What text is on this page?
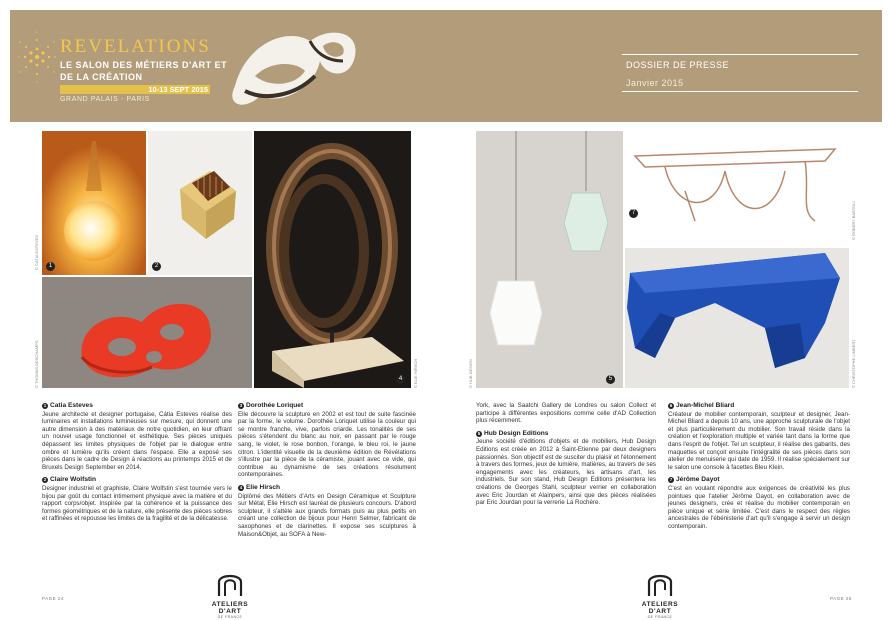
REVELATIONS
LE SALON DES MÉTIERS D'ART ET
DE LA CRÉATION
10-13 SEPT 2015
GRAND PALAIS - PARIS
DOSSIER DE PRESSE
Janvier 2015
1	2
4	5
7
© CATIA ESTEVES
© THOMAS DESCHAMPS	© ELIE HIRSCH	© HUB DESIGN	© CHRISTOPHE LIMBERT
© ROBERT BARTOLI
1 Catia Esteves

Jeune architecte et designer portugaise, Cátia Esteves réalise des luminaires et installations lumineuses sur mesure, qui donnent une autre dimension à des matériaux de notre quotidien, en leur offrant un nouvel usage fonctionnel et esthétique. Ses pièces uniques dépassent les limites physiques de l'objet par le dialogue entre ombre et lumière qu'ils créent dans l'espace. Elle a exposé ses pièces dans le cadre de Design à réactions au printemps 2015 et de Bruxels Design September en 2014.

2 Claire Wolfstin

Designer industriel et graphiste, Claire Wolfstin s'est tournée vers le bijou par goût du contact intimement physique avec la matière et du rapport corps/objet. Inspirée par la cohérence et la puissance des formes géométriques et de la nature, elle présente des pièces sobres et raffinées et repousse les limites de la fragilité et de la délicatesse.

3 Dorothée Loriquet

Elle découvre la sculpture en 2002 et est tout de suite fascinée par la forme, le volume. Dorothée Loriquet utilise la couleur qui se montre franche, vive, parfois criarde. Les tonalités de ses pièces s'étendent du blanc au noir, en passant par le rouge sang, le violet, le rose bonbon, l'orange, le bleu roi, le jaune citron. L'identité visuelle de la deuxième édition de Révélations s'illustre par la pièce de la céramiste, jouant avec ce vide, qui contribue au dynamisme de ses créations résolument contemporaines.

4 Elie Hirsch

Diplômé des Métiers d'Arts en Design Céramique et Sculpture sur Métal, Elie Hirsch est lauréat de plusieurs concours. D'abord sculpteur, il s'attèle aux grands formats puis au plus petits en créant une collection de bijoux pour Henri Selmer, fabricant de saxophones et de clarinettes. Il expose ses sculptures à Maison&Objet, au SOFA à New-

York, avec la Saatchi Gallery de Londres ou salon Collect et participe à différentes expositions comme celle d'AD Collection plus récemment.

5 Hub Design Editions

Jeune société d'éditions d'objets et de mobiliers, Hub Design Editions est créée en 2012 à Saint-Etienne par deux designers passionnés. Son objectif est de susciter du plaisir et l'étonnement à travers des formes, jeux de lumière, matières, au travers de ses engagements avec les créateurs, les artisans d'art, les industriels. Sur son stand, Hub Design Editions présentera les créations de Georges Stahl, sculpteur verrier en collaboration avec Eric Jourdan et Alainpers, ainsi que des pièces réalisées par Eric Jourdan pour la verrerie La Rochère.

6 Jean-Michel Bliard

Créateur de mobilier contemporain, sculpteur et designer, Jean-Michel Bliard a depuis 10 ans, une approche sculpturale de l'objet et plus particulièrement du mobilier. Son travail réside dans la création et l'exploration multiple et variée tant dans la forme que dans l'esprit de l'objet. Tel un sculpteur, il réalise des gabarits, des maquettes et conçoit ensuite l'intégralité de ses pièces dans son atelier de menuiserie qui date de 1959. Il réalise spécialement sur le salon une console à facettes Bleu Klein.

7 Jérôme Dayot

C'est en voulant répondre aux exigences de créativité les plus pointues que l'atelier Jérôme Dayot, en collaboration avec de jeunes designers, crée et réalise du mobilier contemporain en pièce unique et série limitée. C'est dans le respect des règles ancestrales de l'ébénisterie d'art qu'il s'engage à servir un design contemporain.

PAGE 24	PAGE 25
ATELIERS D'ART
DE FRANCE
ATELIERS D'ART
DE FRANCE
